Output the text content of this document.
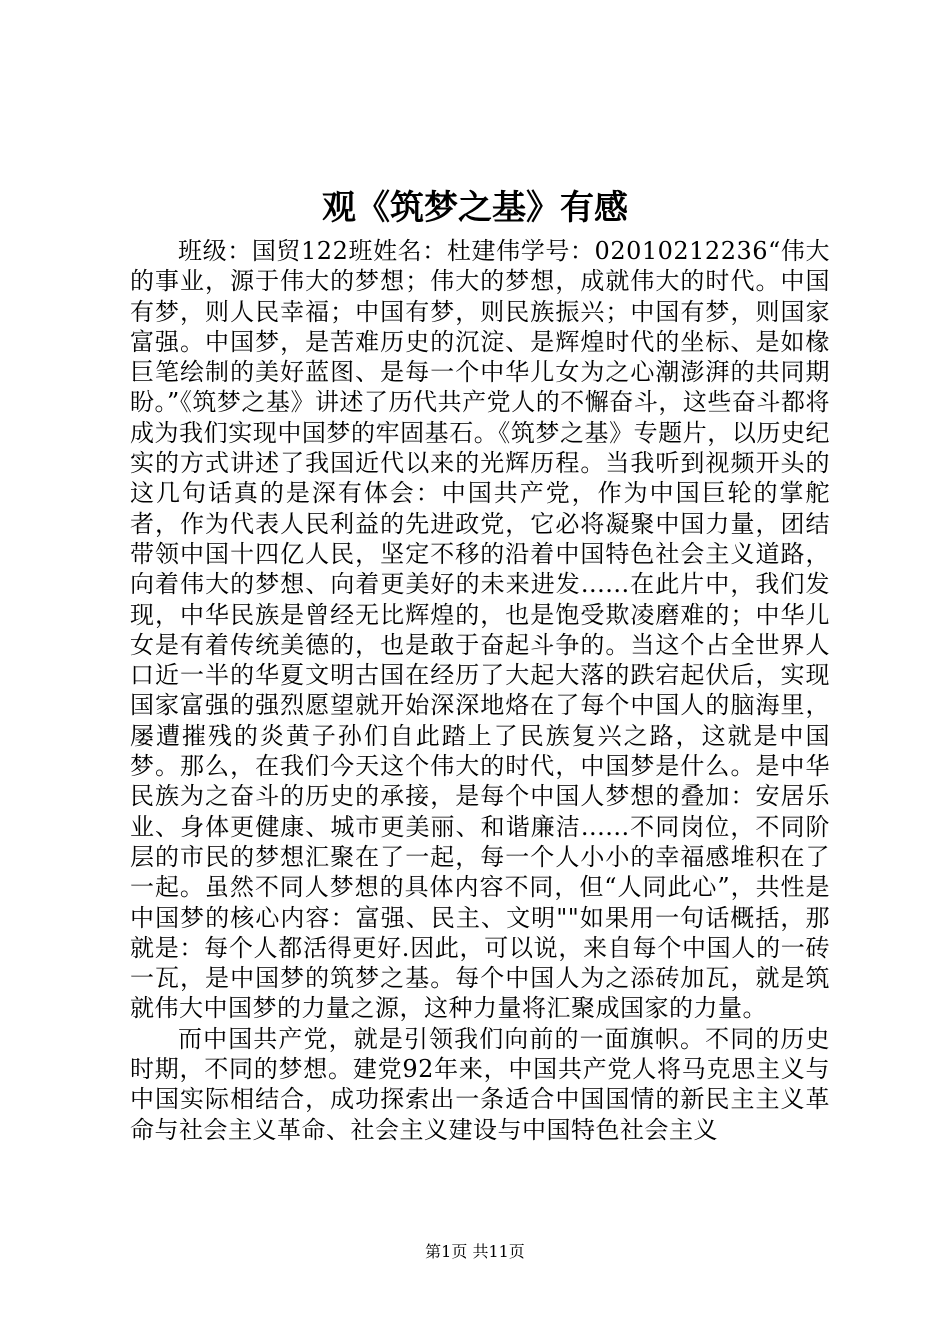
观《筑梦之基》有感

班级：国贸122班姓名：杜建伟学号：02010212236“伟大的事业，源于伟大的梦想；伟大的梦想，成就伟大的时代。中国有梦，则人民幸福；中国有梦，则民族振兴；中国有梦，则国家富强。中国梦，是苦难历史的沉淀、是辉煌时代的坐标、是如椽巨笔绘制的美好蓝图、是每一个中华儿女为之心潮澎湃的共同期盼。”《筑梦之基》讲述了历代共产党人的不懈奋斗，这些奋斗都将成为我们实现中国梦的牢固基石。《筑梦之基》专题片，以历史纪实的方式讲述了我国近代以来的光辉历程。当我听到视频开头的这几句话真的是深有体会：中国共产党，作为中国巨轮的掌舵者，作为代表人民利益的先进政党，它必将凝聚中国力量，团结带领中国十四亿人民，坚定不移的沿着中国特色社会主义道路，向着伟大的梦想、向着更美好的未来进发......在此片中，我们发现，中华民族是曾经无比辉煌的，也是饱受欺凌磨难的；中华儿女是有着传统美德的，也是敢于奋起斗争的。当这个占全世界人口近一半的华夏文明古国在经历了大起大落的跌宕起伏后，实现国家富强的强烈愿望就开始深深地烙在了每个中国人的脑海里，屡遭摧残的炎黄子孙们自此踏上了民族复兴之路，这就是中国梦。那么，在我们今天这个伟大的时代，中国梦是什么。是中华民族为之奋斗的历史的承接，是每个中国人梦想的叠加：安居乐业、身体更健康、城市更美丽、和谐廉洁......不同岗位，不同阶层的市民的梦想汇聚在了一起，每一个人小小的幸福感堆积在了一起。虽然不同人梦想的具体内容不同，但“人同此心”，共性是中国梦的核心内容：富强、民主、文明""如果用一句话概括，那就是：每个人都活得更好.因此，可以说，来自每个中国人的一砖一瓦，是中国梦的筑梦之基。每个中国人为之添砖加瓦，就是筑就伟大中国梦的力量之源，这种力量将汇聚成国家的力量。

而中国共产党，就是引领我们向前的一面旗帜。不同的历史时期，不同的梦想。建党92年来，中国共产党人将马克思主义与中国实际相结合，成功探索出一条适合中国国情的新民主主义革命与社会主义革命、社会主义建设与中国特色社会主义

第1页 共11页
